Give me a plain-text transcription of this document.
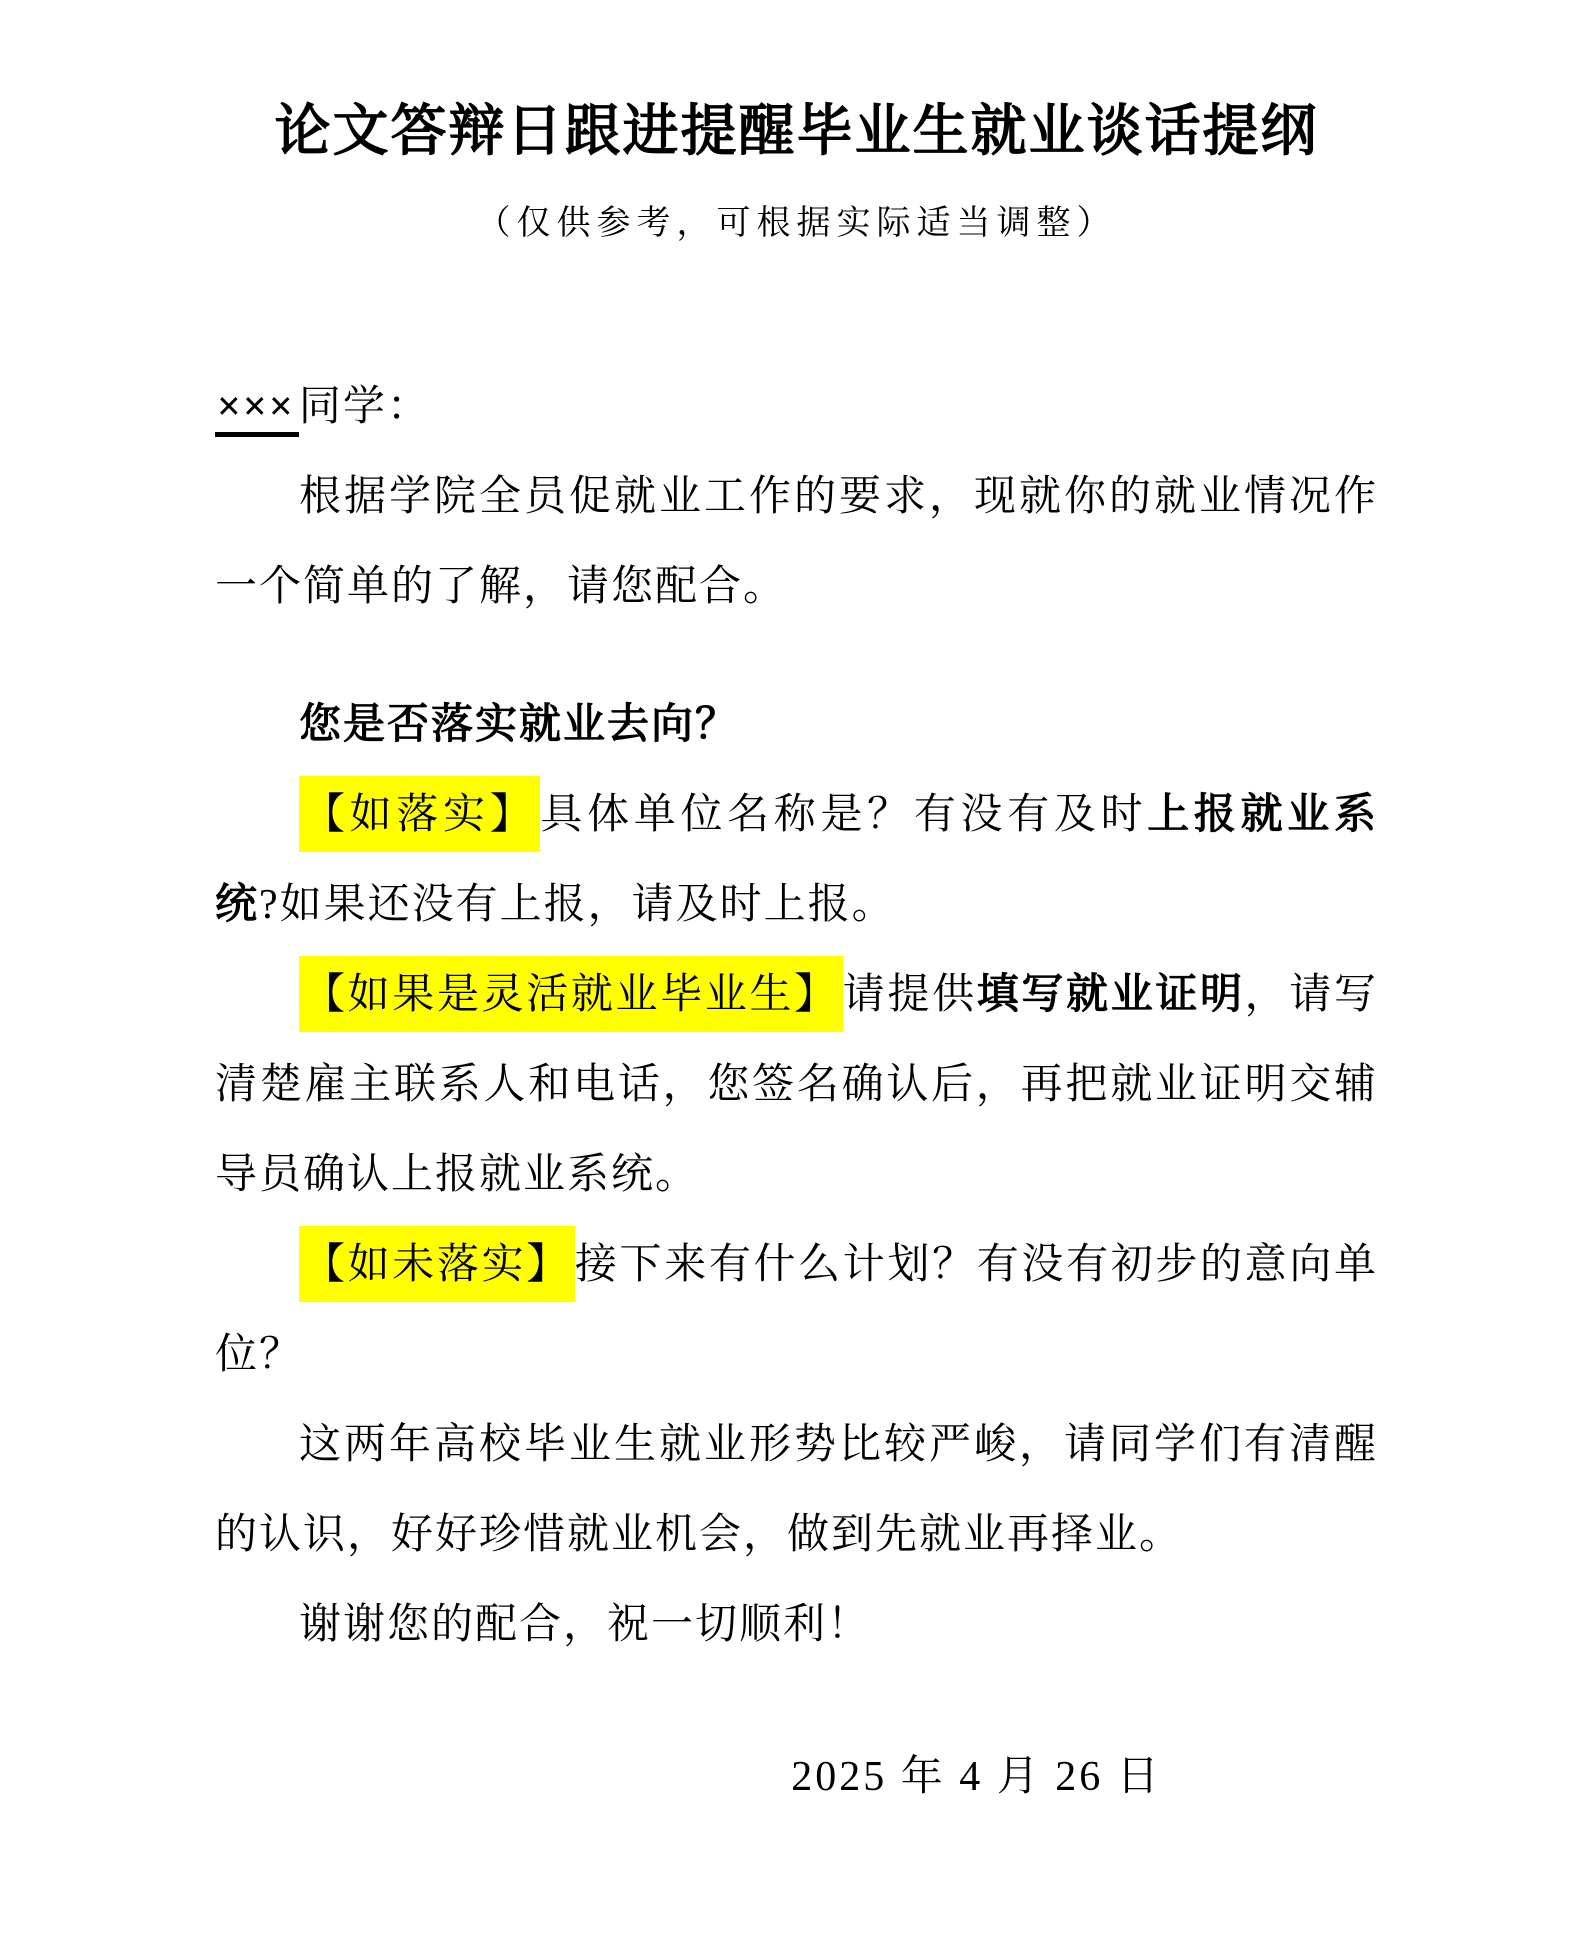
论文答辩日跟进提醒毕业生就业谈话提纲
（仅供参考，可根据实际适当调整）

×××同学：

根据学院全员促就业工作的要求，现就你的就业情况作一个简单的了解，请您配合。

您是否落实就业去向？

【如落实】具体单位名称是？有没有及时上报就业系统?如果还没有上报，请及时上报。

【如果是灵活就业毕业生】请提供填写就业证明，请写清楚雇主联系人和电话，您签名确认后，再把就业证明交辅导员确认上报就业系统。

【如未落实】接下来有什么计划？有没有初步的意向单位？

这两年高校毕业生就业形势比较严峻，请同学们有清醒的认识，好好珍惜就业机会，做到先就业再择业。

谢谢您的配合，祝一切顺利！

2025 年 4 月 26 日
